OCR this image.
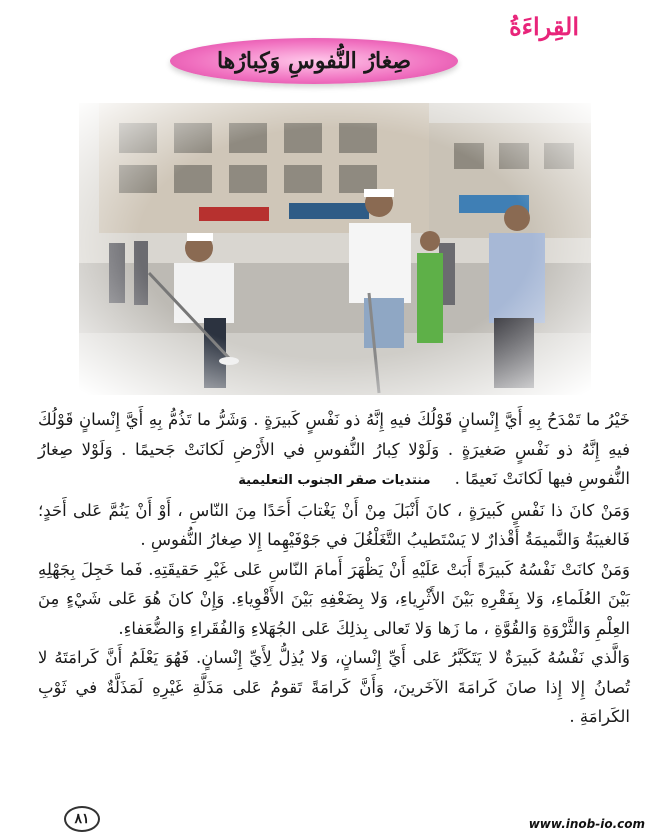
القِراءَةُ
صِغارُ النُّفوسِ وَكِبارُها

خَيْرُ ما تَمْدَحُ بِهِ أَيَّ إِنْسانٍ قَوْلُكَ فيهِ إِنَّهُ ذو نَفْسٍ كَبيرَةٍ . وَشَرُّ ما تَذُمُّ بِهِ أَيَّ إِنْسانٍ قَوْلُكَ فيهِ إِنَّهُ ذو نَفْسٍ صَغيرَةٍ . وَلَوْلا كِبارُ النُّفوسِ في الأَرْضِ لَكانَتْ جَحيمًا . وَلَوْلا صِغارُ النُّفوسِ فيها لَكانَتْ نَعيمًا .منتديات صقر الجنوب التعليمية

وَمَنْ كانَ ذا نَفْسٍ كَبيرَةٍ ، كانَ أَنْبَلَ مِنْ أَنْ يَغْتابَ أَحَدًا مِنَ النّاسِ ، أَوْ أَنْ يَنُمَّ عَلى أَحَدٍ؛ فَالغيبَةُ وَالنَّميمَةُ أَقْذارٌ لا يَسْتَطيبُ التَّغَلْغُلَ في جَوْفَيْهِما إِلا صِغارُ النُّفوسِ .

وَمَنْ كانَتْ نَفْسُهُ كَبيرَةً أَبَتْ عَلَيْهِ أَنْ يَظْهَرَ أَمامَ النّاسِ عَلى غَيْرِ حَقيقَتِهِ. فَما خَجِلَ بِجَهْلِهِ بَيْنَ العُلَماءِ، وَلا بِفَقْرِهِ بَيْنَ الأَثْرِياءِ، وَلا بِضَعْفِهِ بَيْنَ الأَقْوِياءِ. وَإِنْ كانَ هُوَ عَلى شَيْءٍ مِنَ العِلْمِ وَالثَّرْوَةِ وَالقُوَّةِ ، ما زَها وَلا تَعالى بِذلِكَ عَلى الجُهَلاءِ وَالفُقَراءِ وَالضُّعَفاءِ.

وَالَّذي نَفْسُهُ كَبيرَةٌ لا يَتَكَبَّرُ عَلى أَيِّ إِنْسانٍ، وَلا يُذِلُّ لِأَيِّ إِنْسانٍ. فَهُوَ يَعْلَمُ أَنَّ كَرامَتَهُ لا تُصانُ إِلا إِذا صانَ كَرامَةَ الآخَرينَ، وَأَنَّ كَرامَةً تَقومُ عَلى مَذَلَّةِ غَيْرِهِ لَمَذَلَّةٌ في ثَوْبِ الكَرامَةِ .

٨١	www.inob-io.com
